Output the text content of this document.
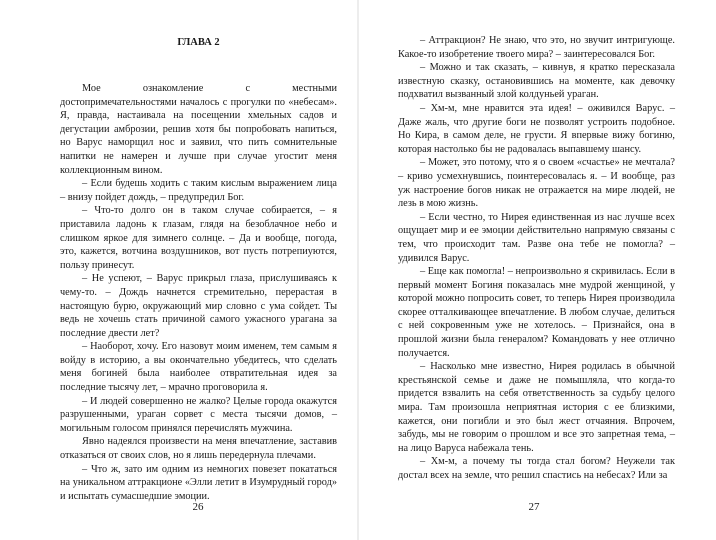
ГЛАВА 2

Мое ознакомление с местными достопримечательностями началось с прогулки по «небесам». Я, правда, настаивала на посещении хмельных садов и дегустации амброзии, решив хотя бы попробовать напиться, но Варус наморщил нос и заявил, что пить сомнительные напитки не намерен и лучше при случае угостит меня коллекционным вином.

– Если будешь ходить с таким кислым выражением лица – внизу пойдет дождь, – предупредил Бог.

– Что-то долго он в таком случае собирается, – я приставила ладонь к глазам, глядя на безоблачное небо и слишком яркое для зимнего солнце. – Да и вообще, погода, это, кажется, вотчина воздушников, вот пусть потрепиуются, пользу принесут.

– Не успеют, – Варус прикрыл глаза, прислушиваясь к чему-то. – Дождь начнется стремительно, перерастая в настоящую бурю, окружающий мир словно с ума сойдет. Ты ведь не хочешь стать причиной самого ужасного урагана за последние двести лет?

– Наоборот, хочу. Его назовут моим именем, тем самым я войду в историю, а вы окончательно убедитесь, что сделать меня богиней была наиболее отвратительная идея за последние тысячу лет, – мрачно проговорила я.

– И людей совершенно не жалко? Целые города окажутся разрушенными, ураган сорвет с места тысячи домов, – могильным голосом принялся перечислять мужчина.

Явно надеялся произвести на меня впечатление, заставив отказаться от своих слов, но я лишь передернула плечами.

– Что ж, зато им одним из немногих повезет покататься на уникальном аттракционе «Элли летит в Изумрудный город» и испытать сумасшедшие эмоции.

26

– Аттракцион? Не знаю, что это, но звучит интригующе. Какое-то изобретение твоего мира? – заинтересовался Бог.

– Можно и так сказать, – кивнув, я кратко пересказала известную сказку, остановившись на моменте, как девочку подхватил вызванный злой колдуньей ураган.

– Хм-м, мне нравится эта идея! – оживился Варус. – Даже жаль, что другие боги не позволят устроить подобное. Но Кира, в самом деле, не грусти. Я впервые вижу богиню, которая настолько бы не радовалась выпавшему шансу.

– Может, это потому, что я о своем «счастье» не мечтала? – криво усмехнувшись, поинтересовалась я. – И вообще, раз уж настроение богов никак не отражается на мире людей, не лезь в мою жизнь.

– Если честно, то Нирея единственная из нас лучше всех ощущает мир и ее эмоции действительно напрямую связаны с тем, что происходит там. Разве она тебе не помогла? – удивился Варус.

– Еще как помогла! – непроизвольно я скривилась. Если в первый момент Богиня показалась мне мудрой женщиной, у которой можно попросить совет, то теперь Нирея производила скорее отталкивающее впечатление. В любом случае, делиться с ней сокровенным уже не хотелось. – Признайся, она в прошлой жизни была генералом? Командовать у нее отлично получается.

– Насколько мне известно, Нирея родилась в обычной крестьянской семье и даже не помышляла, что когда-то придется взвалить на себя ответственность за судьбу целого мира. Там произошла неприятная история с ее близкими, кажется, они погибли и это был жест отчаяния. Впрочем, забудь, мы не говорим о прошлом и все это запретная тема, – на лицо Варуса набежала тень.

– Хм-м, а почему ты тогда стал богом? Неужели так достал всех на земле, что решил спастись на небесах? Или за

27
